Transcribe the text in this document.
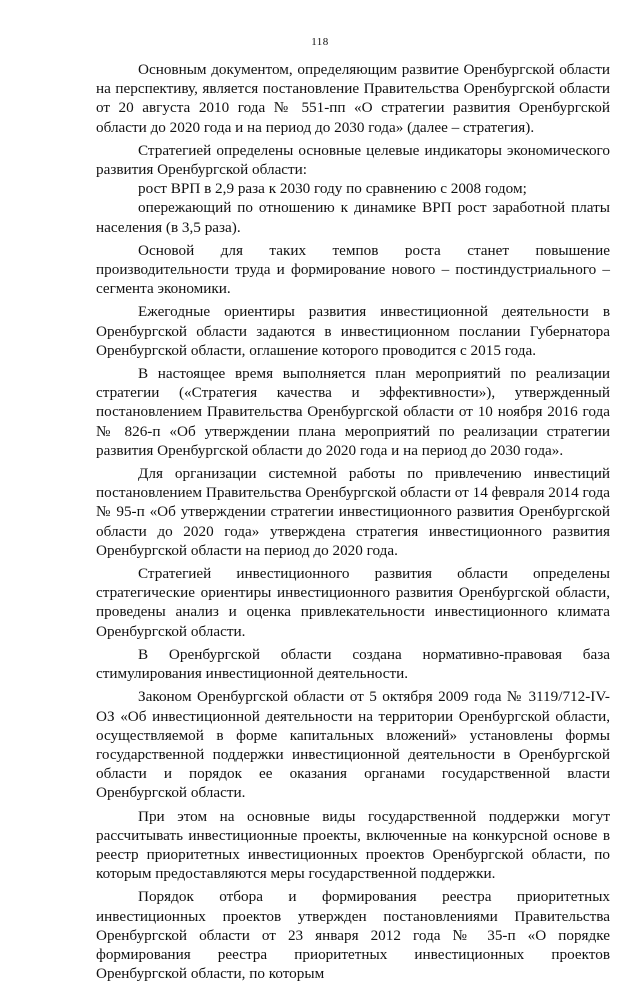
118

Основным документом, определяющим развитие Оренбургской области на перспективу, является постановление Правительства Оренбургской области от 20 августа 2010 года № 551-пп «О стратегии развития Оренбургской области до 2020 года и на период до 2030 года» (далее – стратегия).

Стратегией определены основные целевые индикаторы экономического развития Оренбургской области:

рост ВРП в 2,9 раза к 2030 году по сравнению с 2008 годом;

опережающий по отношению к динамике ВРП рост заработной платы населения (в 3,5 раза).

Основой для таких темпов роста станет повышение производительности труда и формирование нового – постиндустриального – сегмента экономики.

Ежегодные ориентиры развития инвестиционной деятельности в Оренбургской области задаются в инвестиционном послании Губернатора Оренбургской области, оглашение которого проводится с 2015 года.

В настоящее время выполняется план мероприятий по реализации стратегии («Стратегия качества и эффективности»), утвержденный постановлением Правительства Оренбургской области от 10 ноября 2016 года № 826-п «Об утверждении плана мероприятий по реализации стратегии развития Оренбургской области до 2020 года и на период до 2030 года».

Для организации системной работы по привлечению инвестиций постановлением Правительства Оренбургской области от 14 февраля 2014 года № 95-п «Об утверждении стратегии инвестиционного развития Оренбургской области до 2020 года» утверждена стратегия инвестиционного развития Оренбургской области на период до 2020 года.

Стратегией инвестиционного развития области определены стратегические ориентиры инвестиционного развития Оренбургской области, проведены анализ и оценка привлекательности инвестиционного климата Оренбургской области.

В Оренбургской области создана нормативно-правовая база стимулирования инвестиционной деятельности.

Законом Оренбургской области от 5 октября 2009 года № 3119/712-IV-ОЗ «Об инвестиционной деятельности на территории Оренбургской области, осуществляемой в форме капитальных вложений» установлены формы государственной поддержки инвестиционной деятельности в Оренбургской области и порядок ее оказания органами государственной власти Оренбургской области.

При этом на основные виды государственной поддержки могут рассчитывать инвестиционные проекты, включенные на конкурсной основе в реестр приоритетных инвестиционных проектов Оренбургской области, по которым предоставляются меры государственной поддержки.

Порядок отбора и формирования реестра приоритетных инвестиционных проектов утвержден постановлениями Правительства Оренбургской области от 23 января 2012 года № 35-п «О порядке формирования реестра приоритетных инвестиционных проектов Оренбургской области, по которым
